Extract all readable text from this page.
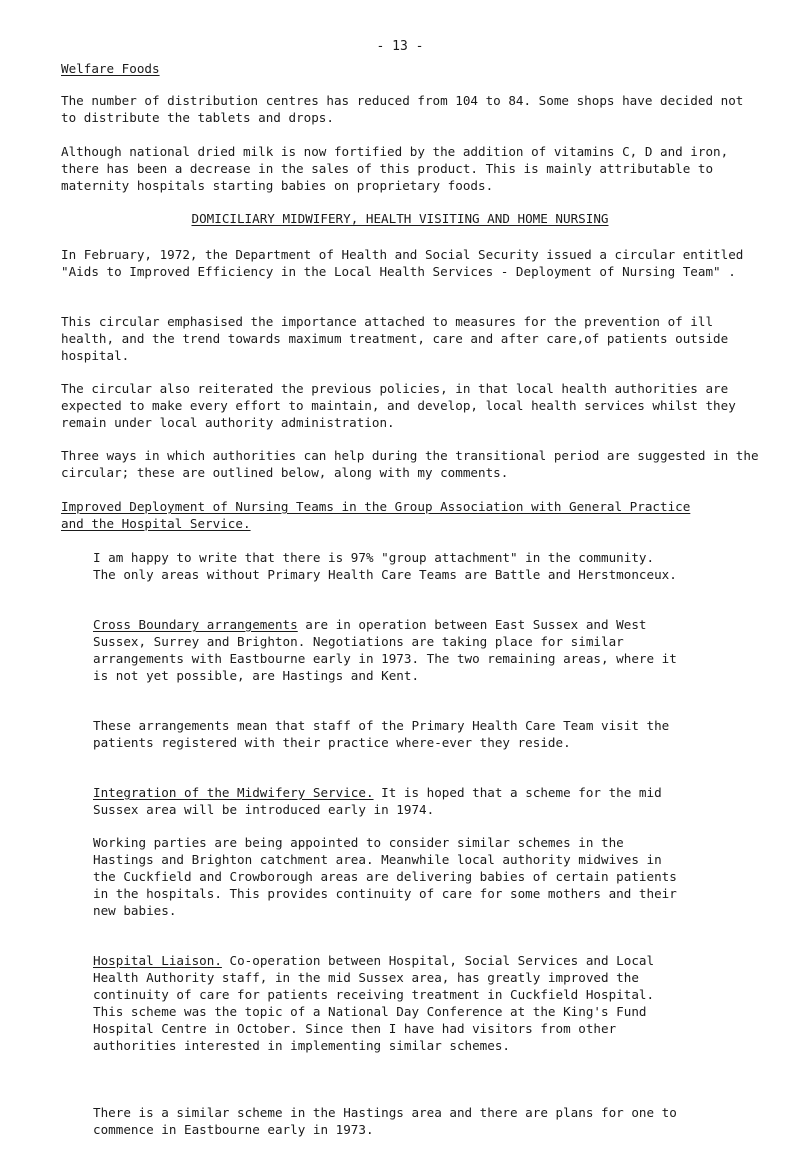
- 13 -
Welfare Foods

The number of distribution centres has reduced from 104 to 84. Some shops have decided not to distribute the tablets and drops.

Although national dried milk is now fortified by the addition of vitamins C, D and iron, there has been a decrease in the sales of this product. This is mainly attributable to maternity hospitals starting babies on proprietary foods.

DOMICILIARY MIDWIFERY, HEALTH VISITING AND HOME NURSING

In February, 1972, the Department of Health and Social Security issued a circular entitled "Aids to Improved Efficiency in the Local Health Services - Deployment of Nursing Team" .

This circular emphasised the importance attached to measures for the prevention of ill health, and the trend towards maximum treatment, care and after care,of patients outside hospital.

The circular also reiterated the previous policies, in that local health authorities are expected to make every effort to maintain, and develop, local health services whilst they remain under local authority administration.

Three ways in which authorities can help during the transitional period are suggested in the circular; these are outlined below, along with my comments.

Improved Deployment of Nursing Teams in the Group Association with General Practice and the Hospital Service.

I am happy to write that there is 97% "group attachment" in the community. The only areas without Primary Health Care Teams are Battle and Herstmonceux.

Cross Boundary arrangements are in operation between East Sussex and West Sussex, Surrey and Brighton. Negotiations are taking place for similar arrangements with Eastbourne early in 1973. The two remaining areas, where it is not yet possible, are Hastings and Kent.

These arrangements mean that staff of the Primary Health Care Team visit the patients registered with their practice where-ever they reside.

Integration of the Midwifery Service. It is hoped that a scheme for the mid Sussex area will be introduced early in 1974.

Working parties are being appointed to consider similar schemes in the Hastings and Brighton catchment area. Meanwhile local authority midwives in the Cuckfield and Crowborough areas are delivering babies of certain patients in the hospitals. This provides continuity of care for some mothers and their new babies.

Hospital Liaison. Co-operation between Hospital, Social Services and Local Health Authority staff, in the mid Sussex area, has greatly improved the continuity of care for patients receiving treatment in Cuckfield Hospital. This scheme was the topic of a National Day Conference at the King's Fund Hospital Centre in October. Since then I have had visitors from other authorities interested in implementing similar schemes.

There is a similar scheme in the Hastings area and there are plans for one to commence in Eastbourne early in 1973.
